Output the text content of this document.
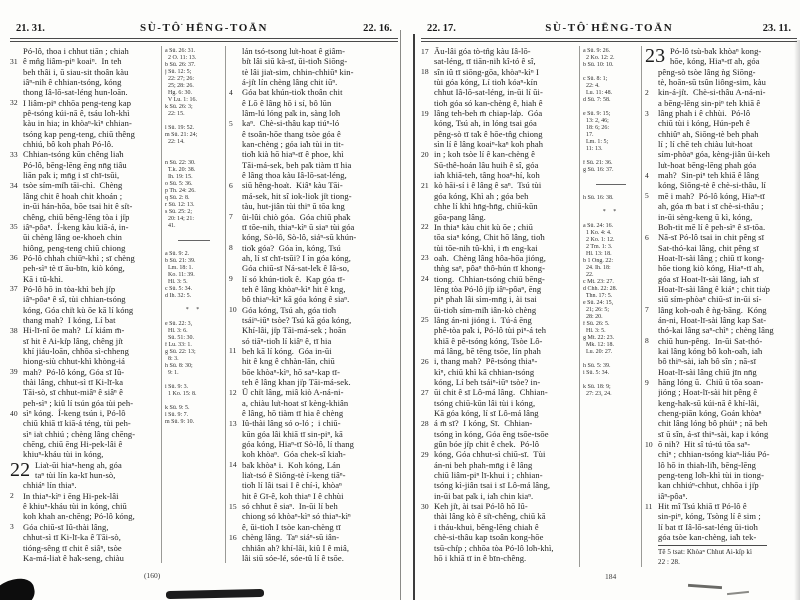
21. 31.	SÙ-TÔ͘ HĒNG-TOĀN	22. 16.
Pó-lô, thoa i chhut tiān ; chiah
31 ê mn̂g liâm-piⁿ koaiⁿ.  In teh
beh thâi i, ū siau-sit thoân kàu
iâⁿ-nih ê chhian-tsóng, kóng
thong Iâ-lō-sat-léng hun-loān.
32 I liâm-piⁿ chhōa peng-teng kap
pê-tsóng kúi-nā ê, tsáu lo̍h-khì
kàu in hia; in khòaⁿ-kìⁿ chhian-
tsóng kap peng-teng, chiū thêng
chhiú, bô koh phah Pó-lô.
33 Chhian-tsóng kūn chêng lia̍h
Pó-lô, bēng-lēng ēng nn̄g tiâu
liān pa̍k i; mn̄g i sī chī-tsūi,
34 tsòe sím-mi̍h tāi-chì.  Chèng
lâng chit ê hoah chit khoán ;
in-ūi hán-hōa, bōe tsai hit ê si̍t-
chêng, chiū bēng-lēng tòa i ji̍p
35 iâⁿ-pôaⁿ.  Í-keng kàu kiā-á, in-
ūi chèng lâng oe-khoeh chin
hiông, peng-teng chiū chiong
36 Pó-lô chhah chiūⁿ-khì ; sī chèng
peh-sìⁿ tè tī āu-bīn, kiò kóng,
Kā i tû-khì.
37 Pó-lô hō in tòa-khì beh ji̍p
iâⁿ-pôaⁿ ê sî, tùi chhian-tsóng
kóng, Góa chi̍t kù ōe kā lí kóng
thang mah?  I kóng, Lí bat
38 Hi-lī-nî ōe mah?  Lí kiám m̄-
sī hit ê Ai-ki̍p lâng, chêng ji̍t
khí jiáu-loān, chhōa sì-chheng
hiong-siù chhut-khì khòng-iá
39 mah?  Pó-lô kóng, Góa sī Iû-
thài lâng, chhut-sì tī Ki-lī-ka
Tāi-sò, sī chhut-miâⁿ ê siâⁿ ê
peh-sìⁿ ; kiû lí tsún góa tùi peh-
40 sìⁿ kóng.  Í-keng tsún i, Pó-lô
chiū khiā tī kiā-á téng, tùi peh-
sìⁿ ia̍t chhiú ; chèng lâng chēng-
chēng, chiū ēng Hi-pek-lâi ê
khiuⁿ-kháu tùi in kóng,
22 Lia̍t-ūi hiaⁿ-heng ah, góa
taⁿ tùi lín ka-kī hun-sò,
chhiáⁿ lín thiaⁿ.
2	In thiaⁿ-kìⁿ i ēng Hi-pek-lâi
ê khiuⁿ-kháu tùi in kóng, chiū
koh khah an-chēng; Pó-lô kóng,
3	Góa chiū-sī Iû-thài lâng,
chhut-sì tī Ki-lī-ka ê Tāi-sò,
tióng-sêng tī chit ê siâⁿ, tsòe
Ka-má-lia̍t ê ha̍k-seng, chiàu
a Sū. 26: 31.
2 O. 11: 13.
b Sū. 26: 37.
j Sū. 12: 5;
22: 27; 26:
25; 28: 26.
Hg. 6: 30.
V Lu. 1: 16.
k Sū. 26: 3;
22: 15.
l Sū. 19: 52.
m Sū. 21: 24;
22: 14.
n Sū. 22: 30.
T.k. 20: 38.
Ih. 19: 15.
o Sū. 5: 36.
p Th. 24: 26.
q Sū. 2: 8.
r Sū. 12: 13.
s Sū. 25: 2;
20: 14; 21:
41.
a Sū. 9: 2.
b Sū. 21: 39.
Lm. 18: 1.
Ko. 11: 39.
Hl. 3: 5.
c Sū. 5: 34.
d Ih. 32: 5.
* *
e Sū. 22: 3,
Hl. 3: 6.
Sū. 51: 30.
f Lu. 33: 1.
g Sū. 22: 13;
8: 3.
h Sū. 8: 30;
9: 1.
i Sū. 9: 3.
1 Ko. 15: 8.
k Sū. 9: 5.
l Sū. 9: 7.
m Sū. 9: 10.
lán tsó-tsong lu̍t-hoat ê giâm-
bi̍t lâi siū kà-sī, ūi-tio̍h Siōng-
tè lâi jia̍t-sim, chhin-chhiūⁿ kin-
á-ji̍t lín chèng lâng chit iūⁿ.
4	Góa bat khún-tio̍k thoân chit
ê Lō ê lâng hō i sí, bô lūn
lâm-lú lóng pa̍k in, sàng lo̍h
5	kaⁿ.  Chè-si-thâu kap tiúⁿ-ló
ê tsoân-hōe thang tsòe góa ê
kan-chèng ; góa ia̍h tùi in tit-
tio̍h kià hō hiaⁿ-tī ê phoe, khì
Tāi-má-sek, beh pa̍k tiàm tī hia
ê lâng thoa kàu Iâ-lō-sat-léng,
6	siū hêng-hoa̍t.  Kiâⁿ kàu Tāi-
má-sek, hit sî iok-lio̍k ji̍t tiong-
tàu, hut-jiân tùi thiⁿ ū tōa kng
7	ûi-lûi chiò góa.  Góa chiū pha̍k
tī tōe-nih, thiaⁿ-kìⁿ ū siaⁿ tùi góa
kóng, Sò-lô, Sò-lô, siáⁿ-sū khún-
8	tio̍k góa?  Góa ìn, kóng, Tsú
ah, lí sī chī-tsūi? I ìn góa kóng,
Góa chiū-sī Ná-sat-le̍k ê Iâ-so,
9	lí só khún-tio̍k ê.  Kap góa tī-
teh ê lâng khòaⁿ-kìⁿ hit ê kng,
bô thiaⁿ-kìⁿ kā góa kóng ê siaⁿ.
10 Góa kóng, Tsú ah, góa tio̍h
tsáiⁿ-iūⁿ tsòe? Tsú kā góa kóng,
Khí-lâi, ji̍p Tāi-má-sek ; hoān
só tiāⁿ-tio̍h lí kiâⁿ ê, tī hia
11 beh kā lí kóng.  Góa in-ūi
hit ê kng ê chhàn-lān, chiū
bōe khòaⁿ-kìⁿ, hō saⁿ-kap tī-
teh ê lâng khan ji̍p Tāi-má-sek.
12 Ū chi̍t lâng, miâ kiò A-ná-ni-
a, chiàu lu̍t-hoat sī kèng-khiân
ê lâng, hō tiàm tī hia ê chèng
13 Iû-thài lâng só o-ló ;  i chiū-
kūn góa lâi khiā tī sin-piⁿ, kā
góa kóng, Hiaⁿ-tī Sò-lô, lí thang
koh khòaⁿ.  Góa chek-sî kia̍h-
14 ba̍k khòaⁿ i.  Koh kóng, Lán
lia̍t-tsó ê Siōng-tè í-keng tiāⁿ-
tio̍h lí lâi tsai I ê chí-ì, khòaⁿ
hit ê Gī-ê, koh thiaⁿ I ê chhùi
15 só chhut ê siaⁿ.  In-ūi lí beh
chiong só khòaⁿ-kìⁿ só thiaⁿ-kìⁿ
ê, ūi-tio̍h I tsòe kan-chèng tī
16 chèng lâng.  Taⁿ siáⁿ-sū iân-
chhiân ah? khí-lâi, kiû I ê miâ,
lâi siū sóe-lé, sóe-tû lí ê tsōe.
(160)
22. 17.	SÙ-TÔ͘ HĒNG-TOĀN	23. 11.
17 Āu-lâi góa tò-tn̂g kàu Iâ-lō-
sat-léng, tī tiān-nih kî-tó ê sî,
18 sîn iû tī siōng-gōa, khòaⁿ-kìⁿ I
tùi góa kóng, Lí tio̍h kóaⁿ-kín
chhut Iâ-lō-sat-léng, in-ūi lí ūi-
tio̍h góa só kan-chèng ê, hiah ê
19 lâng teh-beh m̄ chiap-la̍p.  Góa
kóng, Tsú ah, in lóng tsai góa
pêng-sò tī ta̍k ê hōe-tn̂g chiong
sìn lí ê lâng koaiⁿ-kaⁿ koh phah
20 in ; koh tsòe lí ê kan-chèng ê
Sū-thê-hoán lâu huih ê sî, góa
ia̍h khiā-teh, tâng hoaⁿ-hí, koh
21 kò hāi-sí i ê lâng ê saⁿ.  Tsú tùi
góa kóng, Khì ah ; góa beh
chhe lí khì hn̄g-hn̄g, chiū-kūn
gōa-pang lâng.
22 In thiaⁿ kàu chit kù ōe ; chiū
tōa siaⁿ kóng, Chit hō lâng, tio̍h
tùi tōe-nih tû-khì, i m̄ eng-kai
23 oa̍h.  Chèng lâng hôa-hōa jióng,
thǹg saⁿ, pôaⁿ thô-hún tī khong-
24 tiong.  Chhian-tsóng chiū bēng-
lēng tòa Pó-lô ji̍p iâⁿ-pôaⁿ, ēng
piⁿ phah lâi sìm-mn̄g i, ài tsai
ūi-tio̍h sím-mi̍h iân-kò chèng
25 lâng án-ni jióng i.  Tú-á ēng
phê-tòa pa̍k i, Pó-lô tùi piⁿ-á teh
khiā ê pê-tsóng kóng, Tsòe Lô-
má lâng, bē tēng tsōe, lín phah
26 i, thang mah?  Pê-tsóng thiaⁿ-
kìⁿ, chiū khì kā chhian-tsóng
kóng, Lí beh tsáiⁿ-iūⁿ tsòe? in-
27 ūi chit ê sī Lô-má lâng.  Chhian-
tsóng chiū-kūn lâi tùi i kóng,
Kā góa kóng, lí sī Lô-má lâng
28 á m̄ sī?  I kóng, Sī.  Chhian-
tsóng ìn kóng, Góa ēng tsōe-tsōe
gûn bóe ji̍p chit ê chek.  Pó-lô
29 kóng, Góa chhut-sì chiū-sī.  Tùi
án-ni beh phah-mn̄g i ê lâng
chiū liâm-piⁿ lī-khui i ; chhian-
tsóng kì-jiân tsai i sī Lô-má lâng,
in-ūi bat pa̍k i, ia̍h chin kiaⁿ.
30 Keh ji̍t, ài tsai Pó-lô hō Iû-
thài lâng kò ê si̍t-chêng, chiū kā
i tháu-khui, bēng-lēng chiah ê
chè-si-thâu kap tsoân kong-hōe
tsū-chi̍p ; chhōa tòa Pó-lô lo̍h-khì,
hō i khiā tī in ê bīn-chêng.
a Sū. 9: 26.
2 Ko. 12: 2.
b Sū. 10: 10.
c Sū. 8: 1;
22: 4.
Lu. 11: 48.
d Sū. 7: 58.
e Sū. 9: 15;
13: 2, 46;
18: 6; 26:
17.
Lm. 1: 5;
11: 13.
f Sū. 21: 36.
g Sū. 16: 37.
h Sū. 16: 38.
* *
a Sū. 24: 16.
1 Ko. 4: 4.
2 Ko. 1: 12.
2 Tm. 1: 3.
Hl. 13: 18.
b 1 Ong. 22:
24. Ih. 18:
22.
c Mt. 23: 27.
d Chh. 22: 28.
Thn. 17: 5.
e Sū. 24: 15,
21; 26: 5;
28: 20.
f Sū. 26: 5.
Hl. 3: 5.
g Mt. 22: 23.
Mk. 12: 18.
Lu. 20: 27.
h Sū. 5: 39.
i Sū. 5: 34.
k Sū. 18: 9;
27: 23, 24.
23 Pó-lô tsù-ba̍k khòaⁿ kong-
hōe, kóng, Hiaⁿ-tī ah, góa
pêng-sò tsòe lâng ǹg Siōng-
tè, hoān-sū tsûn liông-sim, kàu
2	kin-á-ji̍t.  Chè-si-thâu A-ná-ni-
a bēng-lēng sin-piⁿ teh khiā ê
3	lâng phah i ê chhùi.  Pó-lô
chiū tùi i kóng, Hún-pe̍h ê
chhiûⁿ ah, Siōng-tè beh phah
lí ; lí chē teh chiàu lu̍t-hoat
sím-phòaⁿ góa, kèng-jiân ûi-keh
lu̍t-hoat bēng-lēng phah góa
4	mah?  Sin-piⁿ teh khiā ê lâng
kóng, Siōng-tè ê chè-si-thâu, lí
5	mē i mah?  Pó-lô kóng, Hiaⁿ-tī
ah, góa m̄ bat i sī chè-si-thâu ;
in-ūi sèng-keng ū kì, kóng,
Bo̍h-tit mē lí ê peh-sìⁿ ê sī-tōa.
6	Nā-sī Pó-lô tsai in chit pêng sī
Sat-thó-kai lâng, chit pêng sī
Hoat-lī-sài lâng ; chiū tī kong-
hōe tiong kiò kóng, Hiaⁿ-tī ah,
góa sī Hoat-lī-sài lâng, ia̍h sī
Hoat-lī-sài lâng ê kiáⁿ ; chit tia̍p
siū sím-phòaⁿ chiū-sī in-ūi sí-
7	lâng koh-oa̍h ê ǹg-bāng.  Kóng
án-ni, Hoat-lī-sài lâng kap Sat-
thó-kai lâng saⁿ-chìⁿ ; chèng lâng
8	chiū hun-pêng.  In-ūi Sat-thó-
kai lâng kóng bô koh-oa̍h, ia̍h
bô thiⁿ-sài, ia̍h bô sîn ; nā-sī
Hoat-lī-sài lâng chiū jīn nn̄g
9	hāng lóng ū.  Chiū ū tōa soan-
jióng ; Hoat-lī-sài hit pêng ê
keng-ha̍k-sū kúi-nā ê khí-lâi,
cheng-piān kóng, Goán khòaⁿ
chit lâng lóng bô phúiⁿ ; nā beh
sī ū sîn, á-sī thiⁿ-sài, kap i kóng
10 ō nih?  Hit sî tú-tú tōa saⁿ-
chìⁿ ; chhian-tsóng kiaⁿ-liáu Pó-
lô hō in thiah-li̍h, bēng-lēng
peng-teng lo̍h-khì tùi in tiong-
kan chhiúⁿ-chhut, chhōa i ji̍p
iâⁿ-pôaⁿ.
11 Hit mî Tsú khiā tī Pó-lô ê
sin-piⁿ, kóng, Tsòng lí ê sim ;
lí bat tī Iâ-lō-sat-léng ūi-tio̍h
góa tsòe kan-chèng, ia̍h tek-
Tē 5 tsat: Khòaⁿ Chhut Ai-ki̍p kì
22 : 28.
184
